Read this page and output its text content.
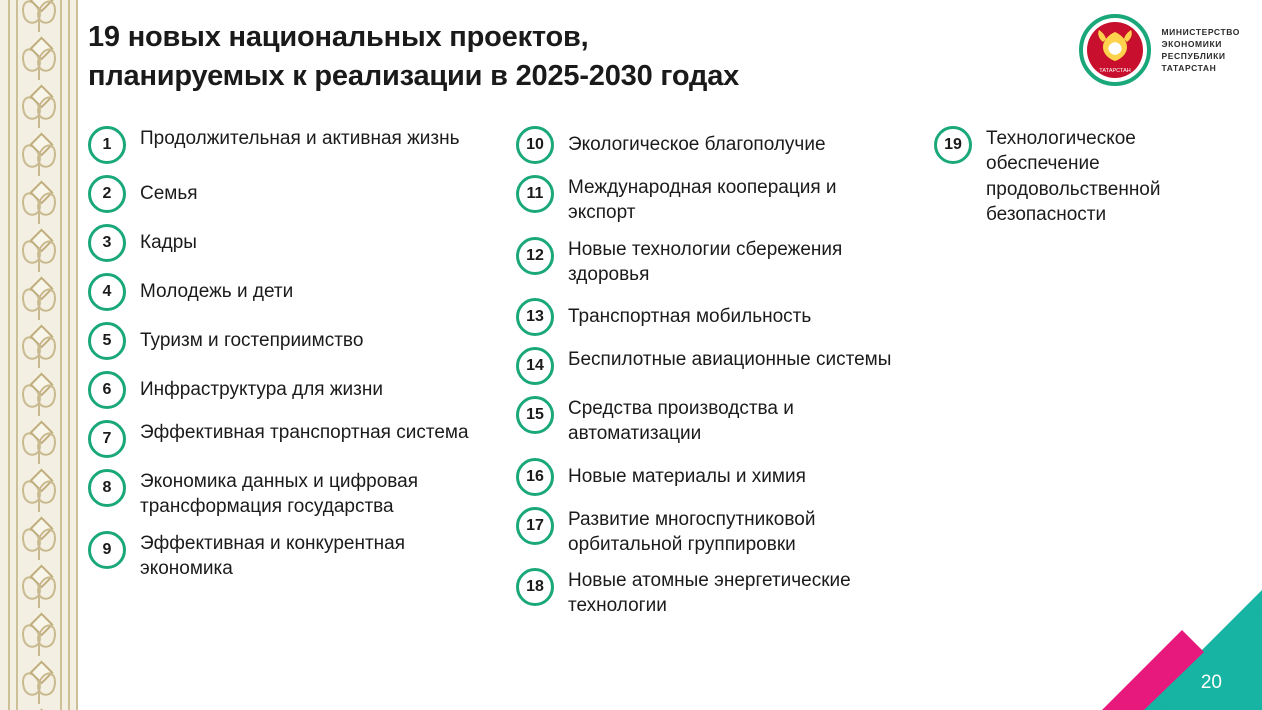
19 новых национальных проектов,
планируемых к реализации в 2025-2030 годах	ТАТАРСТАН
МИНИСТЕРСТВО
ЭКОНОМИКИ
РЕСПУБЛИКИ
ТАТАРСТАН
1	Продолжительная и активная жизнь
2	Семья
3	Кадры
4	Молодежь и дети
5	Туризм и гостеприимство
6	Инфраструктура для жизни
7	Эффективная транспортная система
8	Экономика данных и цифровая трансформация государства
9	Эффективная и конкурентная экономика
10	Экологическое благополучие
11	Международная кооперация и экспорт
12	Новые технологии сбережения здоровья
13	Транспортная мобильность
14	Беспилотные авиационные системы
15	Средства производства и автоматизации
16	Новые материалы и химия
17	Развитие многоспутниковой орбитальной группировки
18	Новые атомные энергетические технологии
19	Технологическое обеспечение продовольственной безопасности
20
